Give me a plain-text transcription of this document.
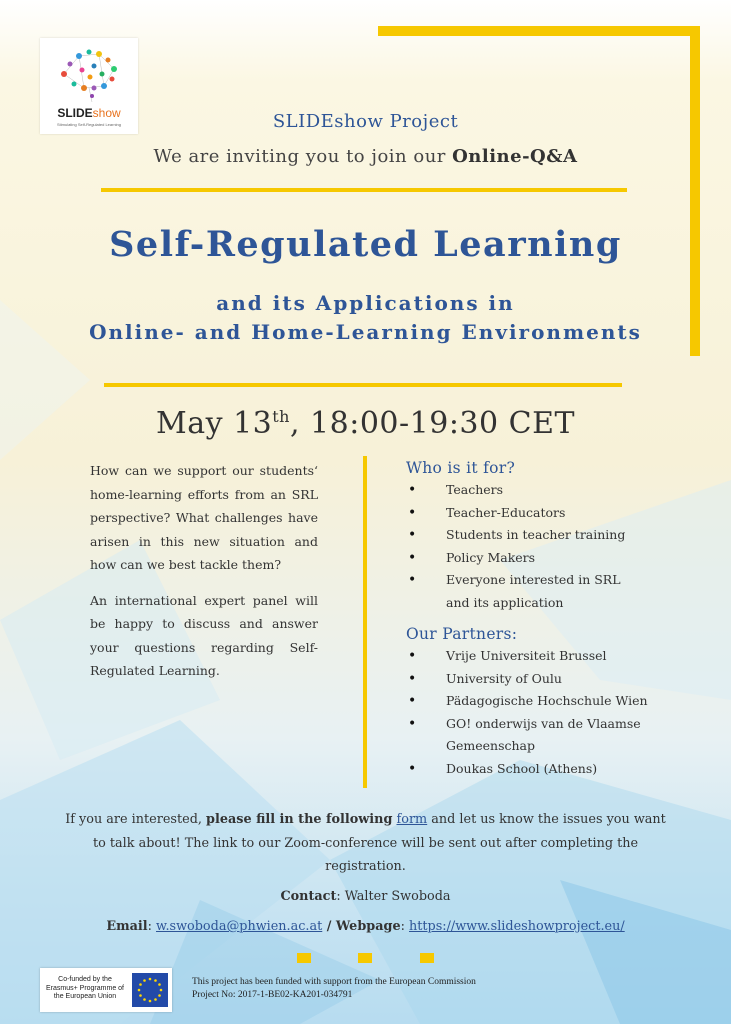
SLIDEshow
Stimulating Self-Regulated Learning	SLIDEshow Project
We are inviting you to join our Online-Q&A
Self-Regulated Learning
and its Applications in
Online- and Home-Learning Environments
May 13th, 18:00-19:30 CET

How can we support our students‘ home-learning efforts from an SRL perspective? What challenges have arisen in this new situation and how can we best tackle them?

An international expert panel will be happy to discuss and answer your questions regarding Self-Regulated Learning.

Who is it for?
• Teachers
• Teacher-Educators
• Students in teacher training
• Policy Makers
• Everyone interested in SRL and its application
Our Partners:
• Vrije Universiteit Brussel
• University of Oulu
• Pädagogische Hochschule Wien
• GO! onderwijs van de Vlaamse Gemeenschap
• Doukas School (Athens)
If you are interested, please fill in the following form and let us know the issues you want to talk about! The link to our Zoom-conference will be sent out after completing the registration.
Contact: Walter Swoboda
Email: w.swoboda@phwien.ac.at / Webpage: https://www.slideshowproject.eu/
Co-funded by the Erasmus+ Programme of the European Union
This project has been funded with support from the European Commission
Project No: 2017-1-BE02-KA201-034791
